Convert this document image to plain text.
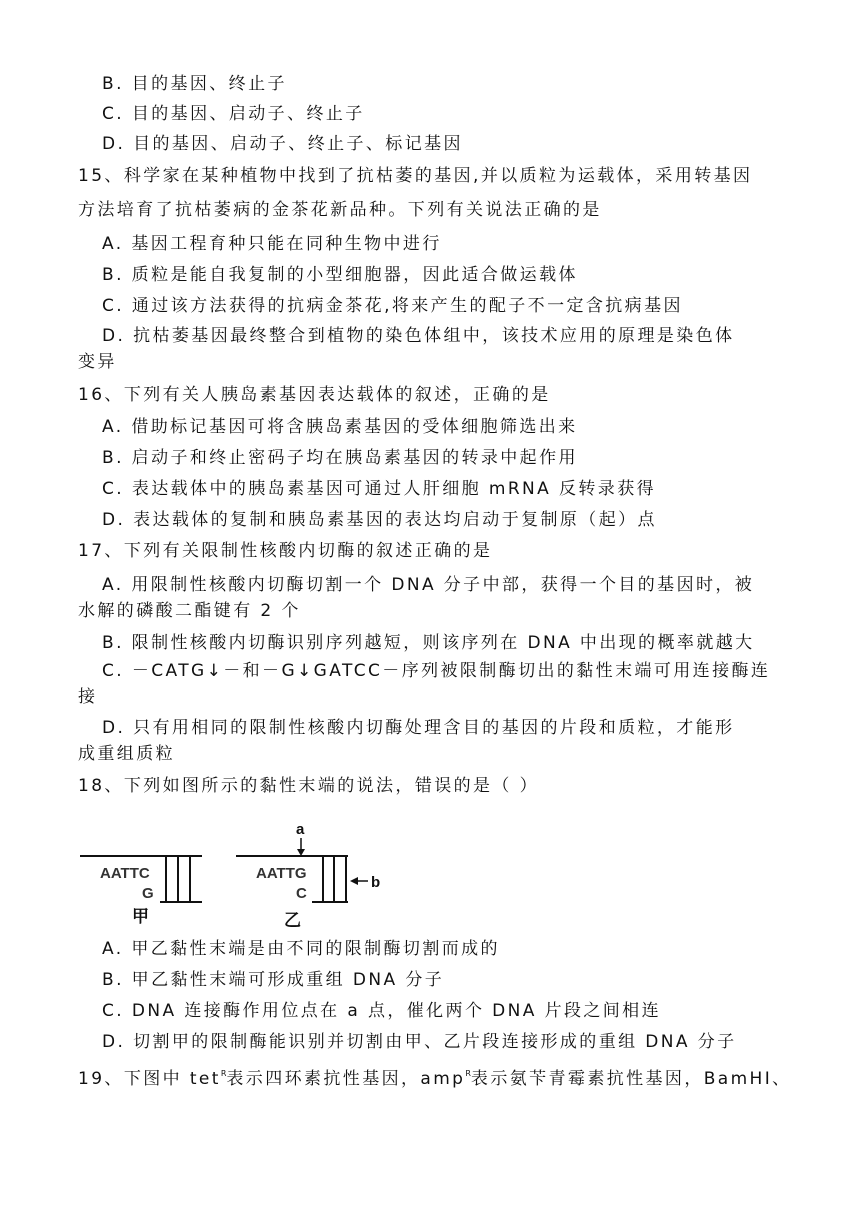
B. 目的基因、终止子
C. 目的基因、启动子、终止子
D. 目的基因、启动子、终止子、标记基因
15、科学家在某种植物中找到了抗枯萎的基因,并以质粒为运载体，采用转基因
方法培育了抗枯萎病的金茶花新品种。下列有关说法正确的是
A. 基因工程育种只能在同种生物中进行
B. 质粒是能自我复制的小型细胞器，因此适合做运载体
C. 通过该方法获得的抗病金茶花,将来产生的配子不一定含抗病基因
D. 抗枯萎基因最终整合到植物的染色体组中，该技术应用的原理是染色体
变异
16、下列有关人胰岛素基因表达载体的叙述，正确的是
A. 借助标记基因可将含胰岛素基因的受体细胞筛选出来
B. 启动子和终止密码子均在胰岛素基因的转录中起作用
C. 表达载体中的胰岛素基因可通过人肝细胞 mRNA 反转录获得
D. 表达载体的复制和胰岛素基因的表达均启动于复制原（起）点
17、下列有关限制性核酸内切酶的叙述正确的是
A. 用限制性核酸内切酶切割一个 DNA 分子中部，获得一个目的基因时，被
水解的磷酸二酯键有 2 个
B. 限制性核酸内切酶识别序列越短，则该序列在 DNA 中出现的概率就越大
C. －CATG↓－和－G↓GATCC－序列被限制酶切出的黏性末端可用连接酶连
接
D. 只有用相同的限制性核酸内切酶处理含目的基因的片段和质粒，才能形
成重组质粒
18、下列如图所示的黏性末端的说法，错误的是（ ）
AATTC
G
甲
AATTG
C
乙
a
b
A. 甲乙黏性末端是由不同的限制酶切割而成的
B. 甲乙黏性末端可形成重组 DNA 分子
C. DNA 连接酶作用位点在 a 点，催化两个 DNA 片段之间相连
D. 切割甲的限制酶能识别并切割由甲、乙片段连接形成的重组 DNA 分子
19、下图中 tet$^R$表示四环素抗性基因，amp$^R$表示氨苄青霉素抗性基因，BamHⅠ、
